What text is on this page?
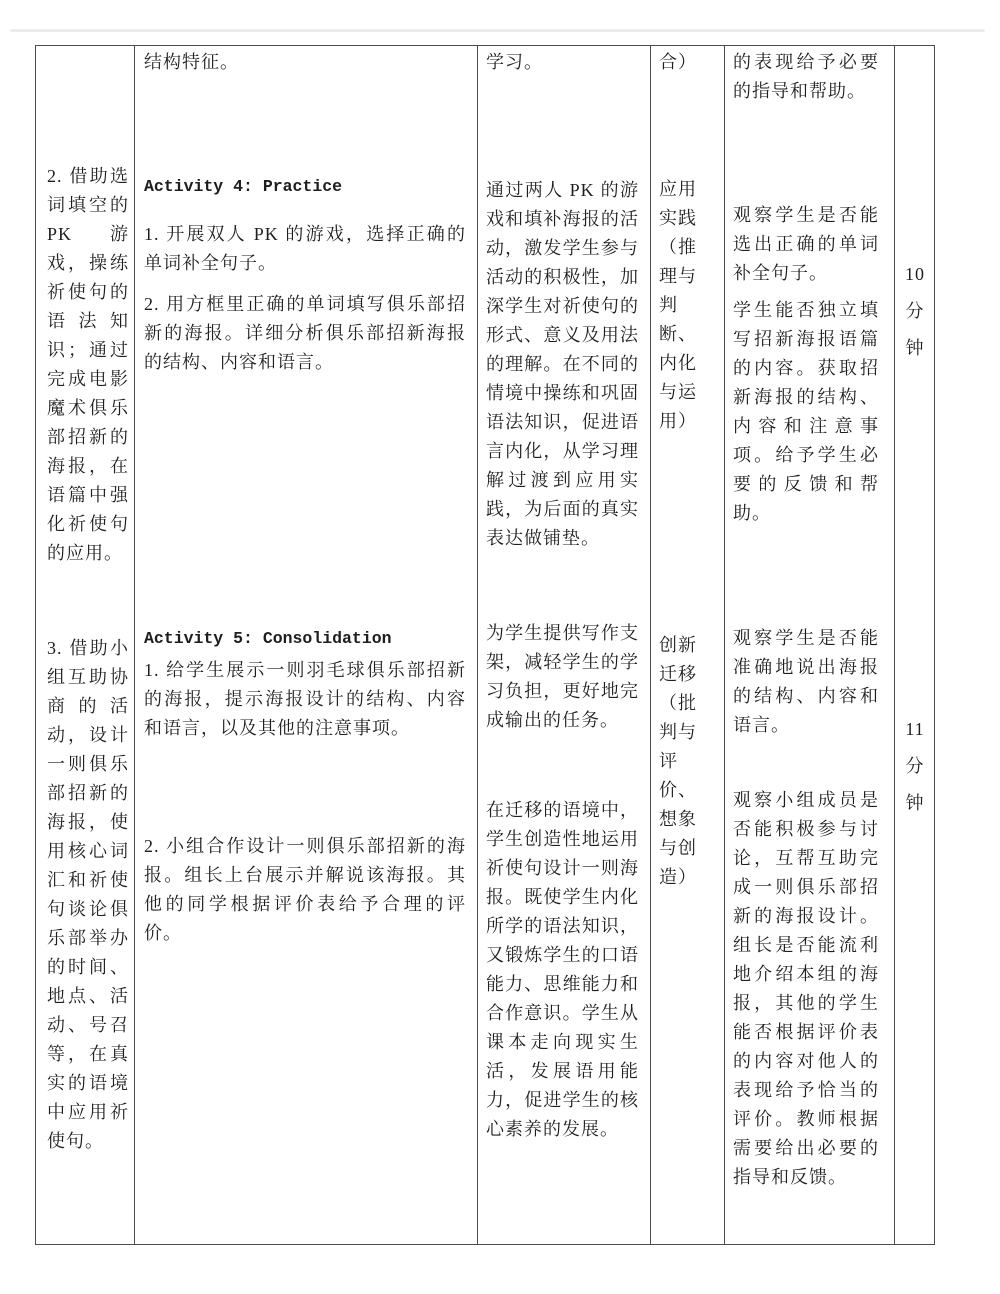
2. 借助选词填空的PK 游戏，操练祈使句的语法知识；通过完成电影魔术俱乐部招新的海报，在语篇中强化祈使句的应用。
3. 借助小组互助协商的活动，设计一则俱乐部招新的海报，使用核心词汇和祈使句谈论俱乐部举办的时间、地点、活动、号召等，在真实的语境中应用祈使句。
结构特征。
Activity 4: Practice
1. 开展双人 PK 的游戏，选择正确的单词补全句子。
2. 用方框里正确的单词填写俱乐部招新的海报。详细分析俱乐部招新海报的结构、内容和语言。
Activity 5: Consolidation
1. 给学生展示一则羽毛球俱乐部招新的海报，提示海报设计的结构、内容和语言，以及其他的注意事项。
2. 小组合作设计一则俱乐部招新的海报。组长上台展示并解说该海报。其他的同学根据评价表给予合理的评价。
学习。
通过两人 PK 的游戏和填补海报的活动，激发学生参与活动的积极性，加深学生对祈使句的形式、意义及用法的理解。在不同的情境中操练和巩固语法知识，促进语言内化，从学习理解过渡到应用实践，为后面的真实表达做铺垫。
为学生提供写作支架，减轻学生的学习负担，更好地完成输出的任务。
在迁移的语境中，学生创造性地运用祈使句设计一则海报。既使学生内化所学的语法知识，又锻炼学生的口语能力、思维能力和合作意识。学生从课本走向现实生活，发展语用能力，促进学生的核心素养的发展。
合）
应用实践（推理与判断、内化与运用）
创新迁移（批判与评价、想象与创造）
的表现给予必要的指导和帮助。
观察学生是否能选出正确的单词补全句子。
学生能否独立填写招新海报语篇的内容。获取招新海报的结构、内容和注意事项。给予学生必要的反馈和帮助。
观察学生是否能准确地说出海报的结构、内容和语言。
观察小组成员是否能积极参与讨论，互帮互助完成一则俱乐部招新的海报设计。组长是否能流利地介绍本组的海报，其他的学生能否根据评价表的内容对他人的表现给予恰当的评价。教师根据需要给出必要的指导和反馈。
10分钟
11分钟
